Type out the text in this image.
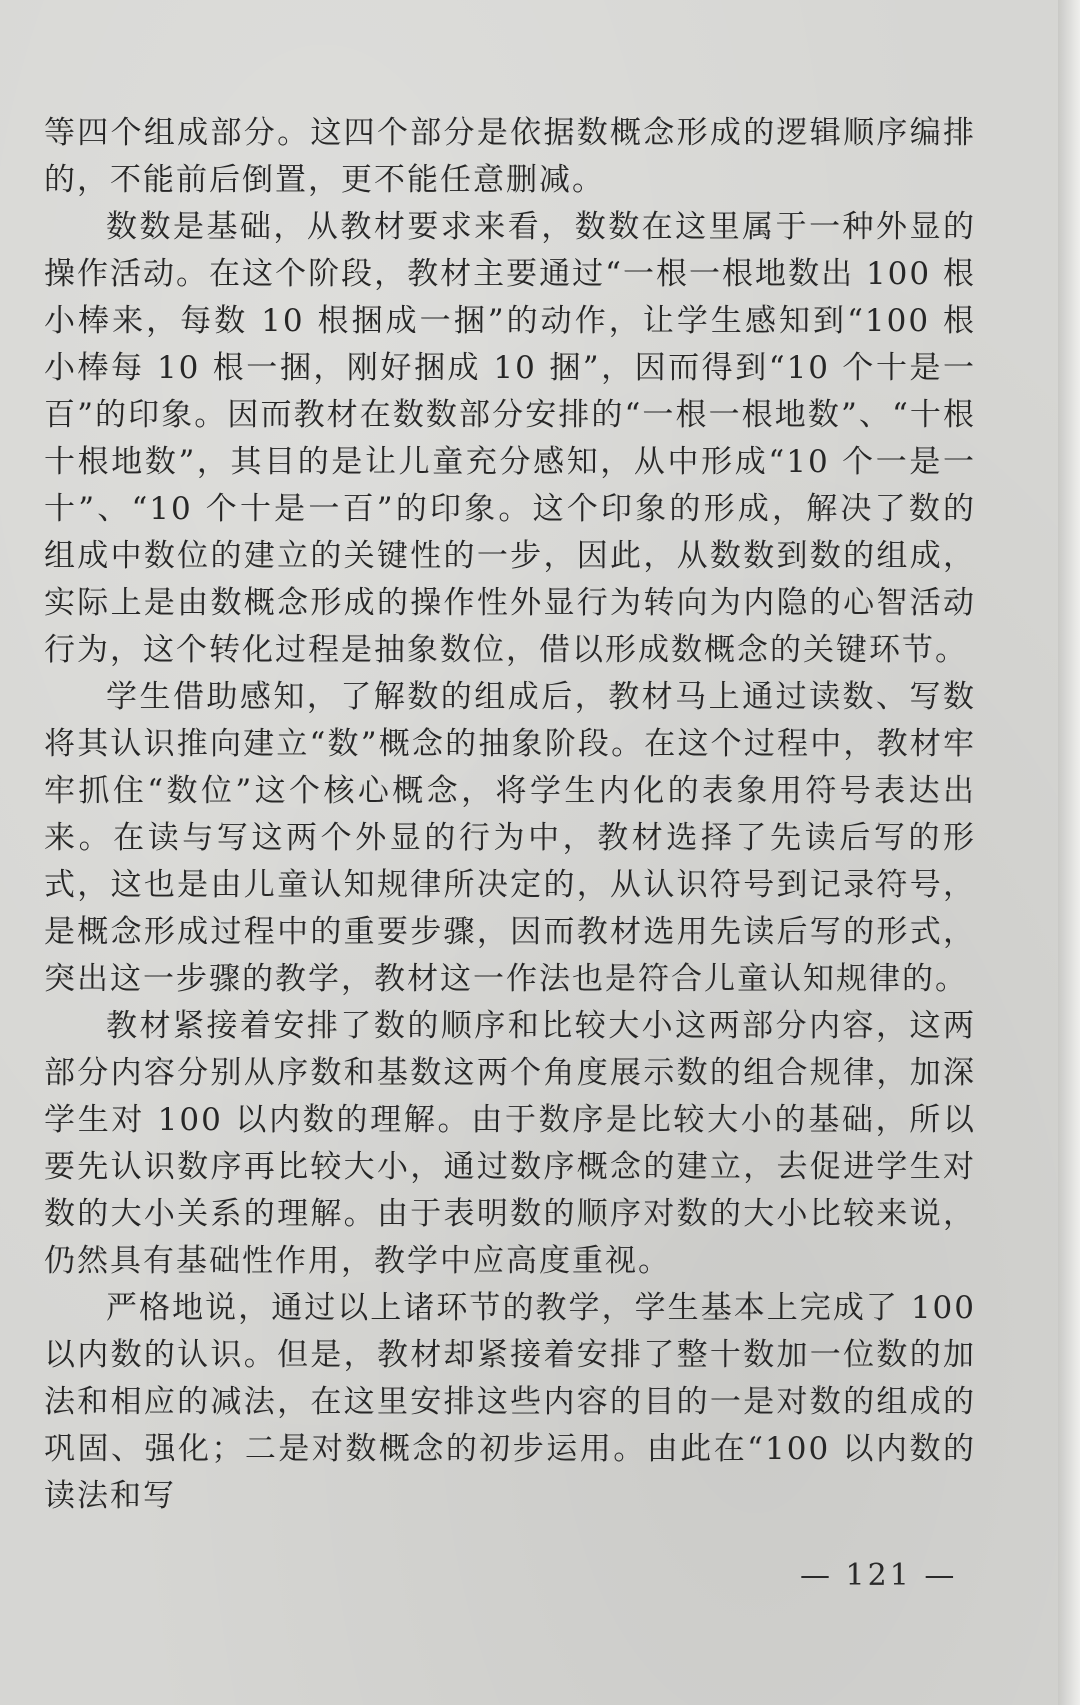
等四个组成部分。这四个部分是依据数概念形成的逻辑顺序编排的，不能前后倒置，更不能任意删减。

数数是基础，从教材要求来看，数数在这里属于一种外显的操作活动。在这个阶段，教材主要通过“一根一根地数出 100 根小棒来，每数 10 根捆成一捆”的动作，让学生感知到“100 根小棒每 10 根一捆，刚好捆成 10 捆”，因而得到“10 个十是一百”的印象。因而教材在数数部分安排的“一根一根地数”、“十根十根地数”，其目的是让儿童充分感知，从中形成“10 个一是一十”、“10 个十是一百”的印象。这个印象的形成，解决了数的组成中数位的建立的关键性的一步，因此，从数数到数的组成，实际上是由数概念形成的操作性外显行为转向为内隐的心智活动行为，这个转化过程是抽象数位，借以形成数概念的关键环节。

学生借助感知，了解数的组成后，教材马上通过读数、写数将其认识推向建立“数”概念的抽象阶段。在这个过程中，教材牢牢抓住“数位”这个核心概念，将学生内化的表象用符号表达出来。在读与写这两个外显的行为中，教材选择了先读后写的形式，这也是由儿童认知规律所决定的，从认识符号到记录符号，是概念形成过程中的重要步骤，因而教材选用先读后写的形式，突出这一步骤的教学，教材这一作法也是符合儿童认知规律的。

教材紧接着安排了数的顺序和比较大小这两部分内容，这两部分内容分别从序数和基数这两个角度展示数的组合规律，加深学生对 100 以内数的理解。由于数序是比较大小的基础，所以要先认识数序再比较大小，通过数序概念的建立，去促进学生对数的大小关系的理解。由于表明数的顺序对数的大小比较来说，仍然具有基础性作用，教学中应高度重视。

严格地说，通过以上诸环节的教学，学生基本上完成了 100 以内数的认识。但是，教材却紧接着安排了整十数加一位数的加法和相应的减法，在这里安排这些内容的目的一是对数的组成的巩固、强化；二是对数概念的初步运用。由此在“100 以内数的读法和写

— 121 —
